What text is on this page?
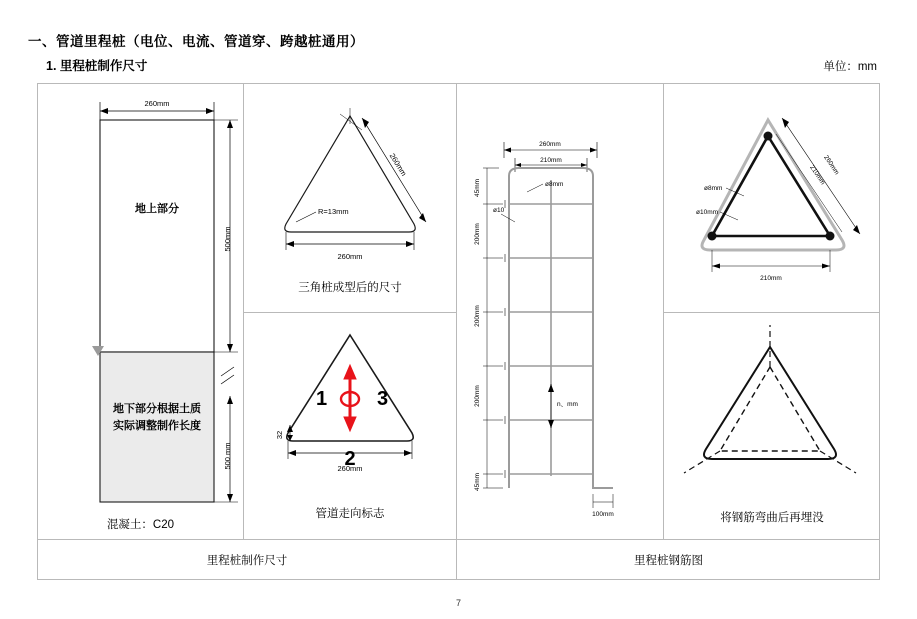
一、管道里程桩（电位、电流、管道穿、跨越桩通用）
1. 里程桩制作尺寸	单位：mm
260mm
地上部分
地下部分根据土质
实际调整制作长度
500mm
500 mm
混凝土：C20
260mm
260mm
R=13mm
三角桩成型后的尺寸
1 3
2
32
260mm
管道走向标志
260mm
210mm
45mm
200mm
200mm
200mm
45mm
ø8mm
ø10
n、mm
100mm
260mm
210mm
ø8mm
ø10mm
210mm
将钢筋弯曲后再埋没
里程桩制作尺寸	里程桩钢筋图
7
